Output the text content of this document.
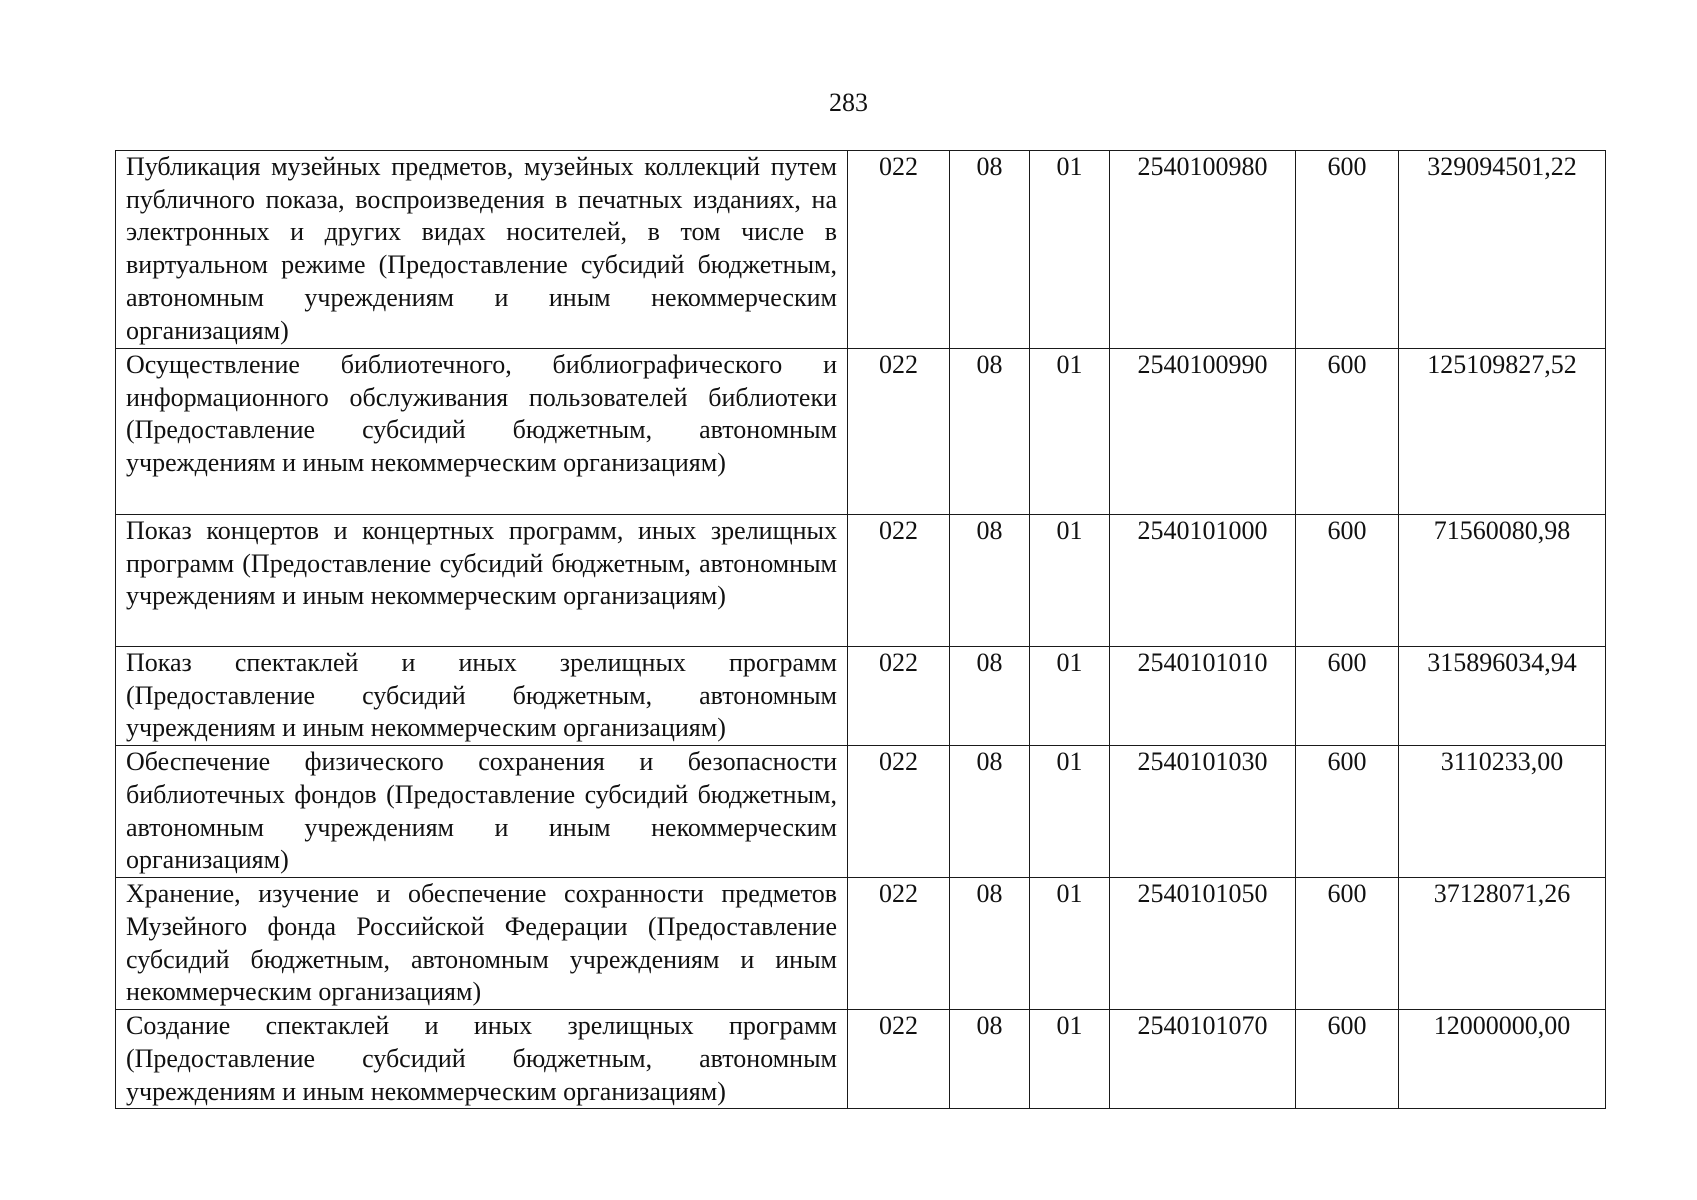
283
Публикация музейных предметов, музейных коллекций путем публичного показа, воспроизведения в печатных изданиях, на электронных и других видах носителей, в том числе в виртуальном режиме (Предоставление субсидий бюджетным, автономным учреждениям и иным некоммерческим организациям)	022	08	01	2540100980	600	329094501,22
Осуществление библиотечного, библиографического и информационного обслуживания пользователей библиотеки (Предоставление субсидий бюджетным, автономным учреждениям и иным некоммерческим организациям)	022	08	01	2540100990	600	125109827,52
Показ концертов и концертных программ, иных зрелищных программ (Предоставление субсидий бюджетным, автономным учреждениям и иным некоммерческим организациям)	022	08	01	2540101000	600	71560080,98
Показ спектаклей и иных зрелищных программ (Предоставление субсидий бюджетным, автономным учреждениям и иным некоммерческим организациям)	022	08	01	2540101010	600	315896034,94
Обеспечение физического сохранения и безопасности библиотечных фондов (Предоставление субсидий бюджетным, автономным учреждениям и иным некоммерческим организациям)	022	08	01	2540101030	600	3110233,00
Хранение, изучение и обеспечение сохранности предметов Музейного фонда Российской Федерации (Предоставление субсидий бюджетным, автономным учреждениям и иным некоммерческим организациям)	022	08	01	2540101050	600	37128071,26
Создание спектаклей и иных зрелищных программ (Предоставление субсидий бюджетным, автономным учреждениям и иным некоммерческим организациям)	022	08	01	2540101070	600	12000000,00
